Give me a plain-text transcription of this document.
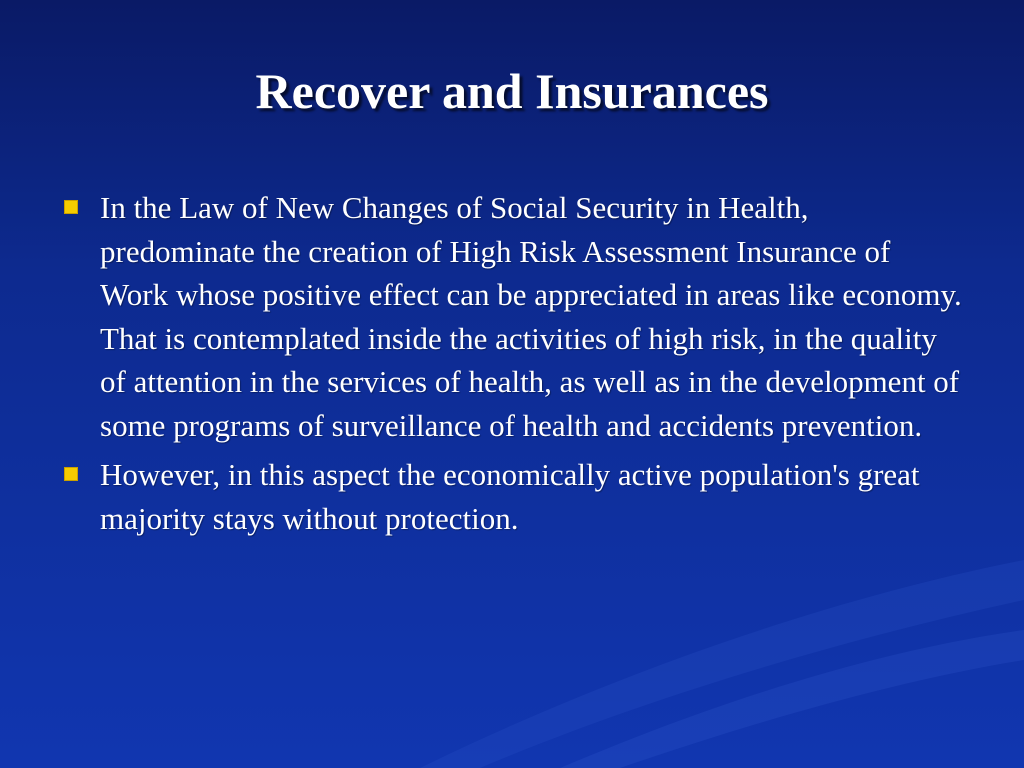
Recover and Insurances
In the Law of New Changes of Social Security in Health, predominate the creation of High Risk Assessment Insurance of Work whose positive effect can be appreciated in areas like economy. That is contemplated inside the activities of high risk, in the quality of attention in the services of health, as well as in the development of some programs of surveillance of health and accidents prevention.
However, in this aspect the economically active population's great majority stays without protection.
